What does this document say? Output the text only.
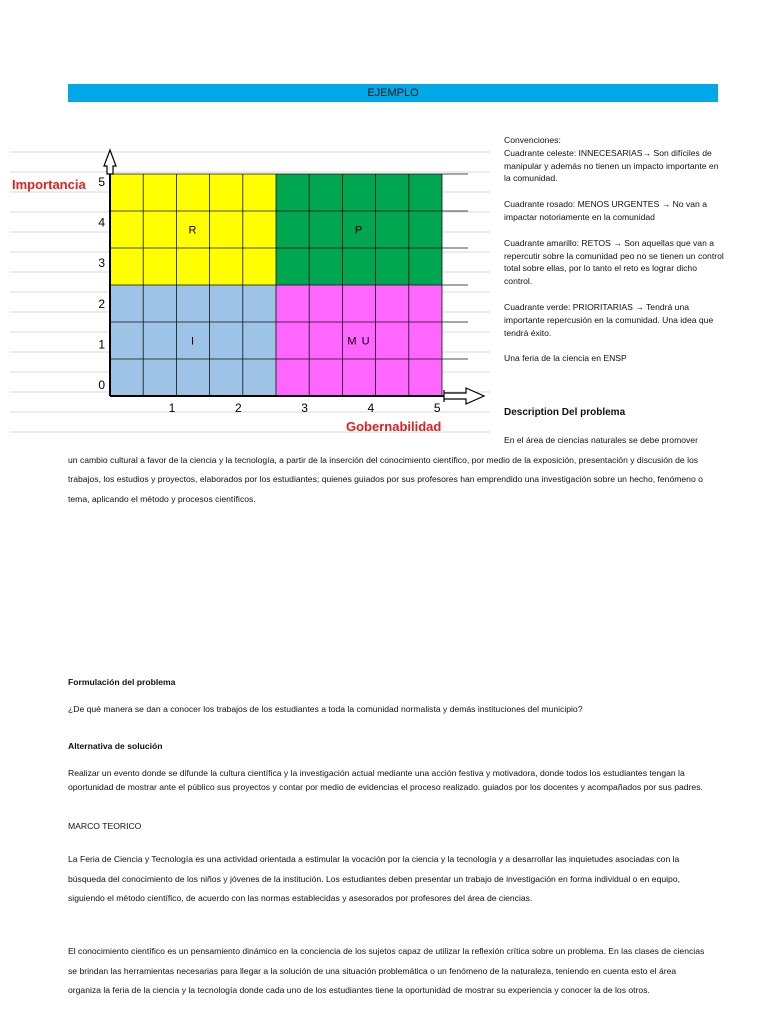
EJEMPLO
0
1
2
3
4
5
1	2	3	4	5
R	P
I	M U
Importancia
Gobernabilidad

Convenciones:
Cuadrante celeste: INNECESARIAS→ Son difíciles de manipular y además no tienen un impacto importante en la comunidad.

Cuadrante rosado: MENOS URGENTES → No van a impactar notoriamente en la comunidad

Cuadrante amarillo: RETOS → Son aquellas que van a repercutir sobre la comunidad peo no se tienen un control total sobre ellas, por lo tanto el reto es lograr dicho control.

Cuadrante verde: PRIORITARIAS → Tendrá una importante repercusión en la comunidad. Una idea que tendrá éxito.

Una feria de la ciencia en ENSP

Description Del problema
En el área de ciencias naturales se debe promover un cambio cultural a favor de la ciencia y la tecnología, a partir de la inserción del conocimiento científico, por medio de la exposición, presentación y discusión de los trabajos, los estudios y proyectos, elaborados por los estudiantes; quienes guiados por sus profesores han emprendido una investigación sobre un hecho, fenómeno o tema, aplicando el método y procesos científicos.
Formulación del problema
¿De qué manera se dan a conocer los trabajos de los estudiantes a toda la comunidad normalista y demás instituciones del municipio?
Alternativa de solución
Realizar un evento donde se difunde la cultura científica y la investigación actual mediante una acción festiva y motivadora, donde todos los estudiantes tengan la oportunidad de mostrar ante el público sus proyectos y contar por medio de evidencias el proceso realizado. guiados por los docentes y acompañados por sus padres.
MARCO TEORICO
La Feria de Ciencia y Tecnología es una actividad orientada a estimular la vocación por la ciencia y la tecnología y a desarrollar las inquietudes asociadas con la búsqueda del conocimiento de los niños y jóvenes de la institución. Los estudiantes deben presentar un trabajo de investigación en forma individual o en equipo, siguiendo el método científico, de acuerdo con las normas establecidas y asesorados por profesores del área de ciencias.
El conocimiento científico es un pensamiento dinámico en la conciencia de los sujetos capaz de utilizar la reflexión crítica sobre un problema. En las clases de ciencias se brindan las herramientas necesarias para llegar a la solución de una situación problemática o un fenómeno de la naturaleza, teniendo en cuenta esto el área organiza la feria de la ciencia y la tecnología donde cada uno de los estudiantes tiene la oportunidad de mostrar su experiencia y conocer la de los otros.
